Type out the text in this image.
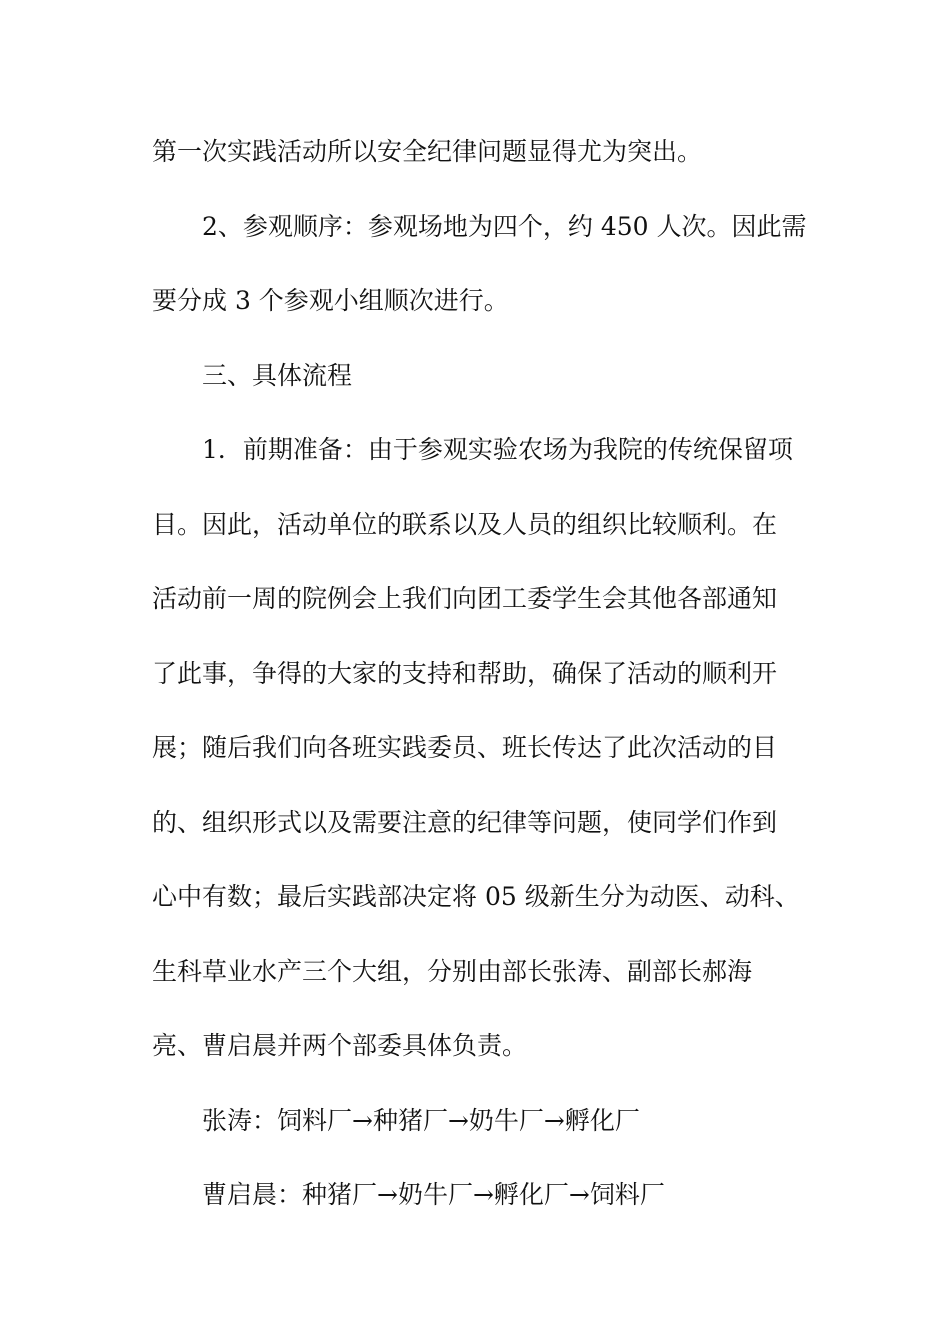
第一次实践活动所以安全纪律问题显得尤为突出。
2、参观顺序：参观场地为四个，约 450 人次。因此需
要分成 3 个参观小组顺次进行。
三、具体流程
1．前期准备：由于参观实验农场为我院的传统保留项
目。因此，活动单位的联系以及人员的组织比较顺利。在
活动前一周的院例会上我们向团工委学生会其他各部通知
了此事，争得的大家的支持和帮助，确保了活动的顺利开
展；随后我们向各班实践委员、班长传达了此次活动的目
的、组织形式以及需要注意的纪律等问题，使同学们作到
心中有数；最后实践部决定将 05 级新生分为动医、动科、
生科草业水产三个大组，分别由部长张涛、副部长郝海
亮、曹启晨并两个部委具体负责。
张涛：饲料厂→种猪厂→奶牛厂→孵化厂
曹启晨：种猪厂→奶牛厂→孵化厂→饲料厂
